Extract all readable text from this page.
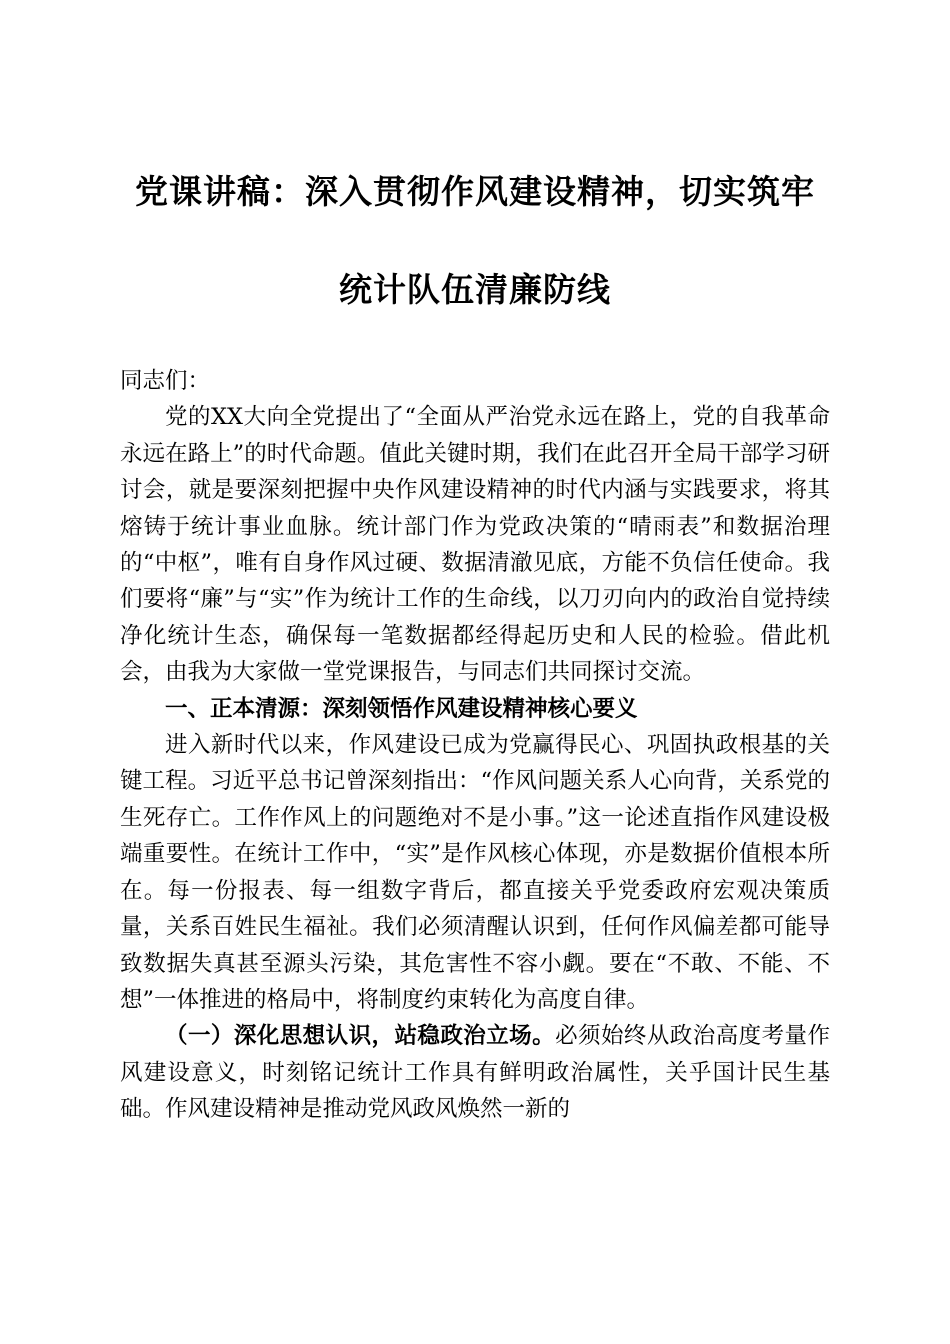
党课讲稿：深入贯彻作风建设精神，切实筑牢
统计队伍清廉防线

同志们：

党的XX大向全党提出了“全面从严治党永远在路上，党的自我革命永远在路上”的时代命题。值此关键时期，我们在此召开全局干部学习研讨会，就是要深刻把握中央作风建设精神的时代内涵与实践要求，将其熔铸于统计事业血脉。统计部门作为党政决策的“晴雨表”和数据治理的“中枢”，唯有自身作风过硬、数据清澈见底，方能不负信任使命。我们要将“廉”与“实”作为统计工作的生命线，以刀刃向内的政治自觉持续净化统计生态，确保每一笔数据都经得起历史和人民的检验。借此机会，由我为大家做一堂党课报告，与同志们共同探讨交流。

一、正本清源：深刻领悟作风建设精神核心要义

进入新时代以来，作风建设已成为党赢得民心、巩固执政根基的关键工程。习近平总书记曾深刻指出：“作风问题关系人心向背，关系党的生死存亡。工作作风上的问题绝对不是小事。”这一论述直指作风建设极端重要性。在统计工作中，“实”是作风核心体现，亦是数据价值根本所在。每一份报表、每一组数字背后，都直接关乎党委政府宏观决策质量，关系百姓民生福祉。我们必须清醒认识到，任何作风偏差都可能导致数据失真甚至源头污染，其危害性不容小觑。要在“不敢、不能、不想”一体推进的格局中，将制度约束转化为高度自律。

（一）深化思想认识，站稳政治立场。必须始终从政治高度考量作风建设意义，时刻铭记统计工作具有鲜明政治属性，关乎国计民生基础。作风建设精神是推动党风政风焕然一新的
